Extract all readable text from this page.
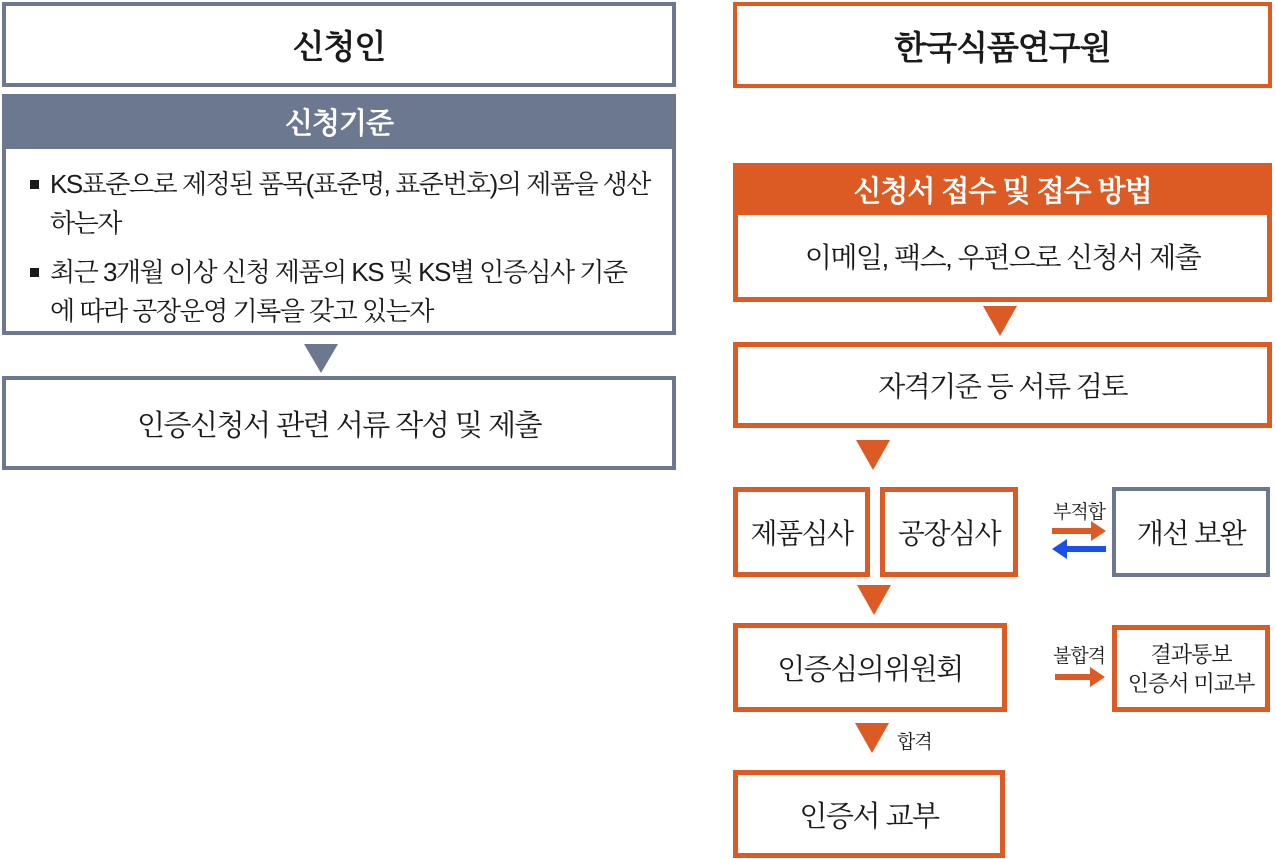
신청인
신청기준
KS표준으로 제정된 품목(표준명, 표준번호)의 제품을 생산하는자
최근 3개월 이상 신청 제품의 KS 및 KS별 인증심사 기준에 따라 공장운영 기록을 갖고 있는자
인증신청서 관련 서류 작성 및 제출
한국식품연구원
신청서 접수 및 접수 방법
이메일, 팩스, 우편으로 신청서 제출
자격기준 등 서류 검토
제품심사 공장심사
부적합
개선 보완
인증심의위원회	불합격	결과통보
인증서 미교부
합격
인증서 교부
